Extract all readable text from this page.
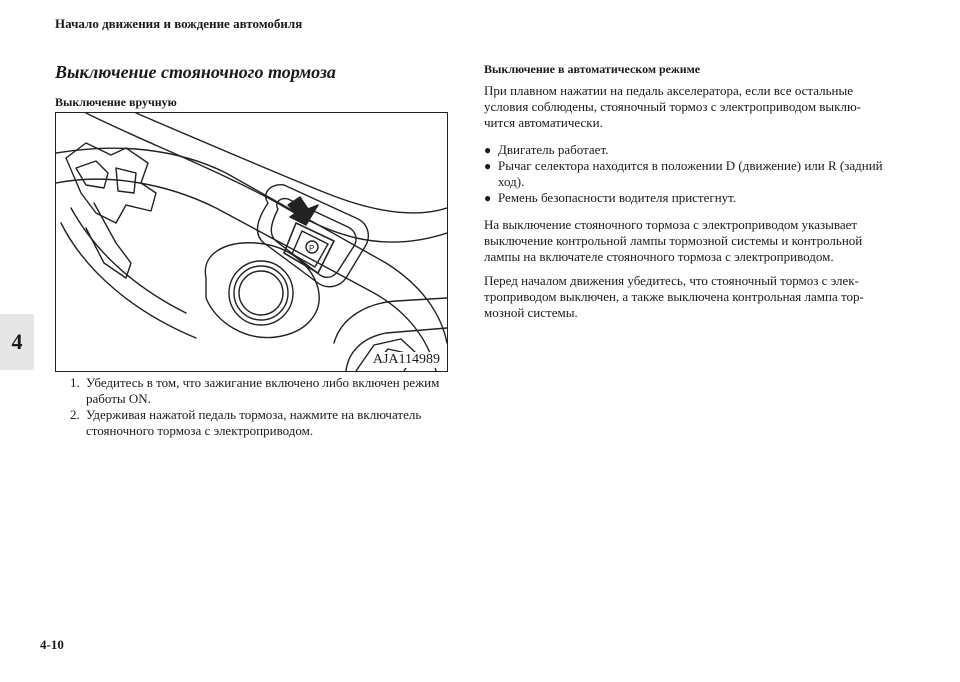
Начало движения и вождение автомобиля
4
Выключение стояночного тормоза
Выключение вручную
P
AJA114989
1. Убедитесь в том, что зажигание включено либо включен режим работы ON.
2. Удерживая нажатой педаль тормоза, нажмите на включатель стояночного тормоза с электроприводом.
Выключение в автоматическом режиме

При плавном нажатии на педаль акселератора, если все остальные условия соблюдены, стояночный тормоз с электроприводом выклю-чится автоматически.

● Двигатель работает.
● Рычаг селектора находится в положении D (движение) или R (задний ход).
● Ремень безопасности водителя пристегнут.

На выключение стояночного тормоза с электроприводом указывает выключение контрольной лампы тормозной системы и контрольной лампы на включателе стояночного тормоза с электроприводом.

Перед началом движения убедитесь, что стояночный тормоз с элек-троприводом выключен, а также выключена контрольная лампа тор-мозной системы.

4-10
